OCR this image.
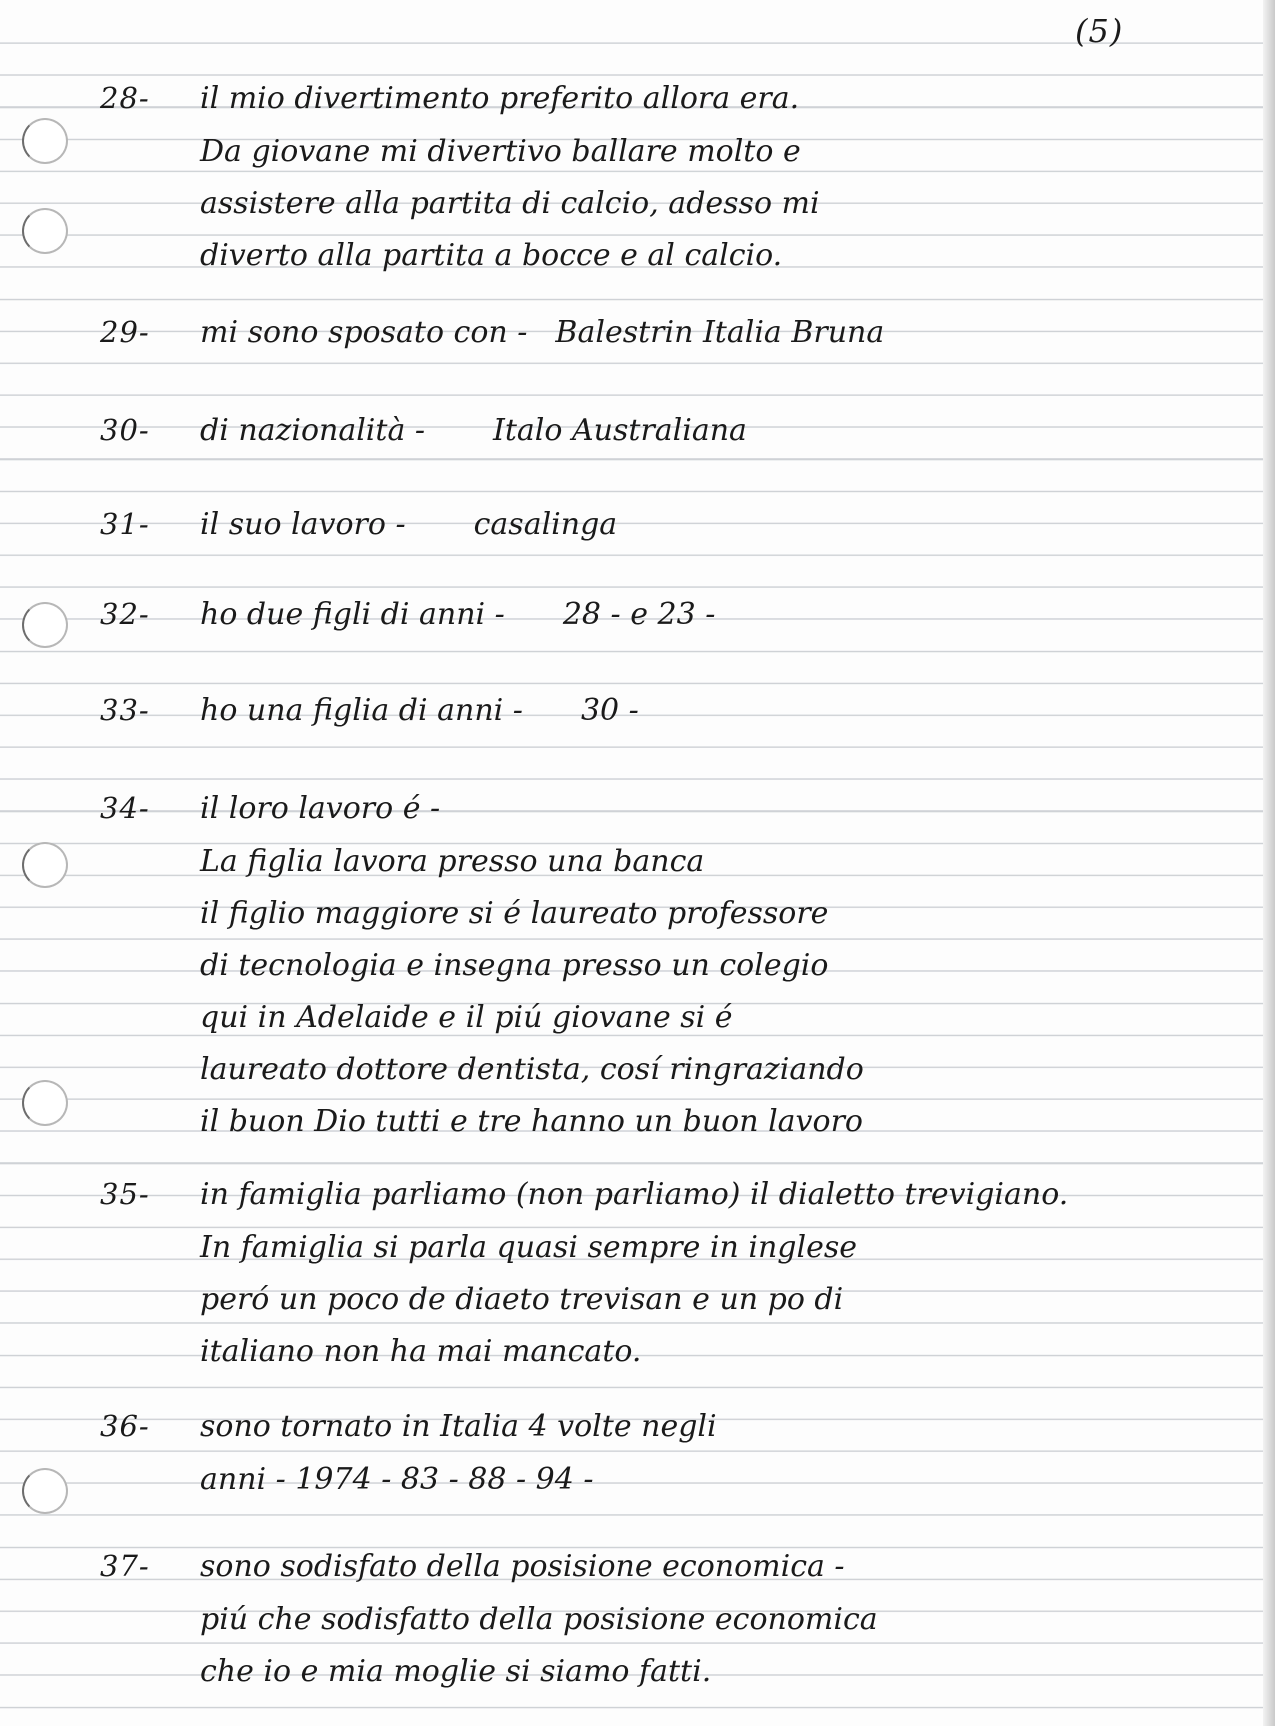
(5)
28-	il mio divertimento preferito allora era.
Da giovane mi divertivo ballare molto e
assistere alla partita di calcio, adesso mi
diverto alla partita a bocce e al calcio.
29-	mi sono sposato con - Balestrin Italia Bruna
30-	di nazionalità - Italo Australiana
31-	il suo lavoro - casalinga
32-	ho due figli di anni - 28 - e 23 -
33-	ho una figlia di anni - 30 -
34-	il loro lavoro é -
La figlia lavora presso una banca
il figlio maggiore si é laureato professore
di tecnologia e insegna presso un colegio
qui in Adelaide e il piú giovane si é
laureato dottore dentista, cosí ringraziando
il buon Dio tutti e tre hanno un buon lavoro
35-	in famiglia parliamo (non parliamo) il dialetto trevigiano.
In famiglia si parla quasi sempre in inglese
peró un poco de diaeto trevisan e un po di
italiano non ha mai mancato.
36-	sono tornato in Italia 4 volte negli
anni - 1974 - 83 - 88 - 94 -
37-	sono sodisfato della posisione economica -
piú che sodisfatto della posisione economica
che io e mia moglie si siamo fatti.
